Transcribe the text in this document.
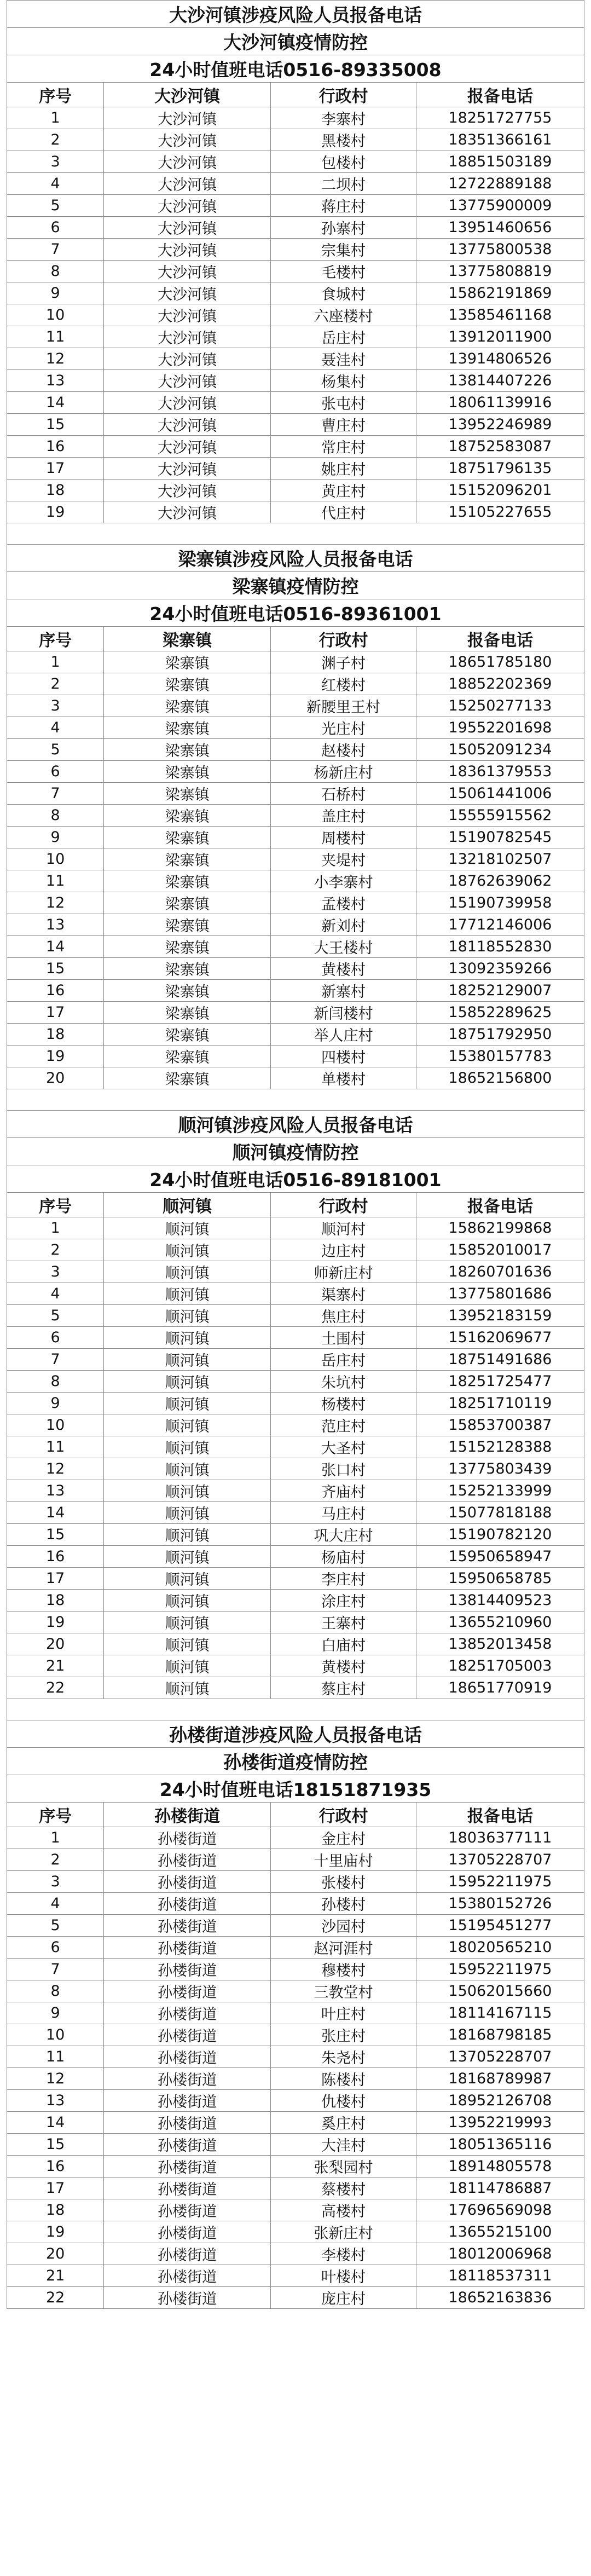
大沙河镇涉疫风险人员报备电话			
大沙河镇疫情防控			
24小时值班电话0516-89335008			
序号	大沙河镇	行政村	报备电话
1	大沙河镇	李寨村	18251727755
2	大沙河镇	黑楼村	18351366161
3	大沙河镇	包楼村	18851503189
4	大沙河镇	二坝村	12722889188
5	大沙河镇	蒋庄村	13775900009
6	大沙河镇	孙寨村	13951460656
7	大沙河镇	宗集村	13775800538
8	大沙河镇	毛楼村	13775808819
9	大沙河镇	食城村	15862191869
10	大沙河镇	六座楼村	13585461168
11	大沙河镇	岳庄村	13912011900
12	大沙河镇	聂洼村	13914806526
13	大沙河镇	杨集村	13814407226
14	大沙河镇	张屯村	18061139916
15	大沙河镇	曹庄村	13952246989
16	大沙河镇	常庄村	18752583087
17	大沙河镇	姚庄村	18751796135
18	大沙河镇	黄庄村	15152096201
19	大沙河镇	代庄村	15105227655

梁寨镇涉疫风险人员报备电话			
梁寨镇疫情防控			
24小时值班电话0516-89361001			
序号	梁寨镇	行政村	报备电话
1	梁寨镇	渊子村	18651785180
2	梁寨镇	红楼村	18852202369
3	梁寨镇	新腰里王村	15250277133
4	梁寨镇	光庄村	19552201698
5	梁寨镇	赵楼村	15052091234
6	梁寨镇	杨新庄村	18361379553
7	梁寨镇	石桥村	15061441006
8	梁寨镇	盖庄村	15555915562
9	梁寨镇	周楼村	15190782545
10	梁寨镇	夹堤村	13218102507
11	梁寨镇	小李寨村	18762639062
12	梁寨镇	孟楼村	15190739958
13	梁寨镇	新刘村	17712146006
14	梁寨镇	大王楼村	18118552830
15	梁寨镇	黄楼村	13092359266
16	梁寨镇	新寨村	18252129007
17	梁寨镇	新闫楼村	15852289625
18	梁寨镇	举人庄村	18751792950
19	梁寨镇	四楼村	15380157783
20	梁寨镇	单楼村	18652156800

顺河镇涉疫风险人员报备电话			
顺河镇疫情防控			
24小时值班电话0516-89181001			
序号	顺河镇	行政村	报备电话
1	顺河镇	顺河村	15862199868
2	顺河镇	边庄村	15852010017
3	顺河镇	师新庄村	18260701636
4	顺河镇	渠寨村	13775801686
5	顺河镇	焦庄村	13952183159
6	顺河镇	土围村	15162069677
7	顺河镇	岳庄村	18751491686
8	顺河镇	朱坑村	18251725477
9	顺河镇	杨楼村	18251710119
10	顺河镇	范庄村	15853700387
11	顺河镇	大圣村	15152128388
12	顺河镇	张口村	13775803439
13	顺河镇	齐庙村	15252133999
14	顺河镇	马庄村	15077818188
15	顺河镇	巩大庄村	15190782120
16	顺河镇	杨庙村	15950658947
17	顺河镇	李庄村	15950658785
18	顺河镇	涂庄村	13814409523
19	顺河镇	王寨村	13655210960
20	顺河镇	白庙村	13852013458
21	顺河镇	黄楼村	18251705003
22	顺河镇	蔡庄村	18651770919

孙楼街道涉疫风险人员报备电话			
孙楼街道疫情防控			
24小时值班电话18151871935			
序号	孙楼街道	行政村	报备电话
1	孙楼街道	金庄村	18036377111
2	孙楼街道	十里庙村	13705228707
3	孙楼街道	张楼村	15952211975
4	孙楼街道	孙楼村	15380152726
5	孙楼街道	沙园村	15195451277
6	孙楼街道	赵河涯村	18020565210
7	孙楼街道	穆楼村	15952211975
8	孙楼街道	三教堂村	15062015660
9	孙楼街道	叶庄村	18114167115
10	孙楼街道	张庄村	18168798185
11	孙楼街道	朱尧村	13705228707
12	孙楼街道	陈楼村	18168789987
13	孙楼街道	仇楼村	18952126708
14	孙楼街道	奚庄村	13952219993
15	孙楼街道	大洼村	18051365116
16	孙楼街道	张梨园村	18914805578
17	孙楼街道	蔡楼村	18114786887
18	孙楼街道	高楼村	17696569098
19	孙楼街道	张新庄村	13655215100
20	孙楼街道	李楼村	18012006968
21	孙楼街道	叶楼村	18118537311
22	孙楼街道	庞庄村	18652163836
